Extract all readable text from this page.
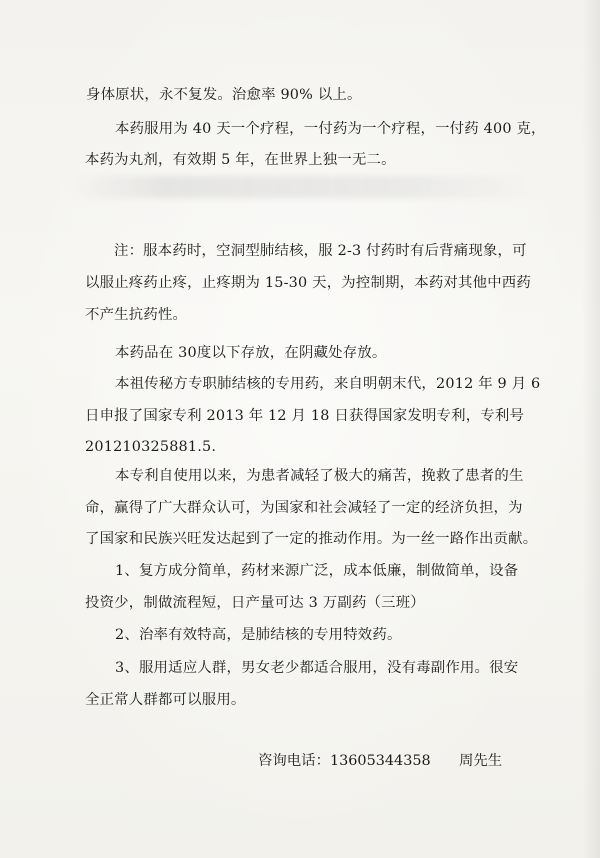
身体原状，永不复发。治愈率 90% 以上。
本药服用为 40 天一个疗程，一付药为一个疗程，一付药 400 克，
本药为丸剂，有效期 5 年，在世界上独一无二。
注：服本药时，空洞型肺结核，服 2-3 付药时有后背痛现象，可
以服止疼药止疼，止疼期为 15-30 天，为控制期，本药对其他中西药
不产生抗药性。
本药品在 30度以下存放，在阴藏处存放。
本祖传秘方专职肺结核的专用药，来自明朝末代，2012 年 9 月 6
日申报了国家专利 2013 年 12 月 18 日获得国家发明专利，专利号
201210325881.5.
本专利自使用以来，为患者减轻了极大的痛苦，挽救了患者的生
命，赢得了广大群众认可，为国家和社会减轻了一定的经济负担，为
了国家和民族兴旺发达起到了一定的推动作用。为一丝一路作出贡献。
1、复方成分简单，药材来源广泛，成本低廉，制做简单，设备
投资少，制做流程短，日产量可达 3 万副药（三班）
2、治率有效特高，是肺结核的专用特效药。
3、服用适应人群，男女老少都适合服用，没有毒副作用。很安
全正常人群都可以服用。
咨询电话：13605344358 周先生
